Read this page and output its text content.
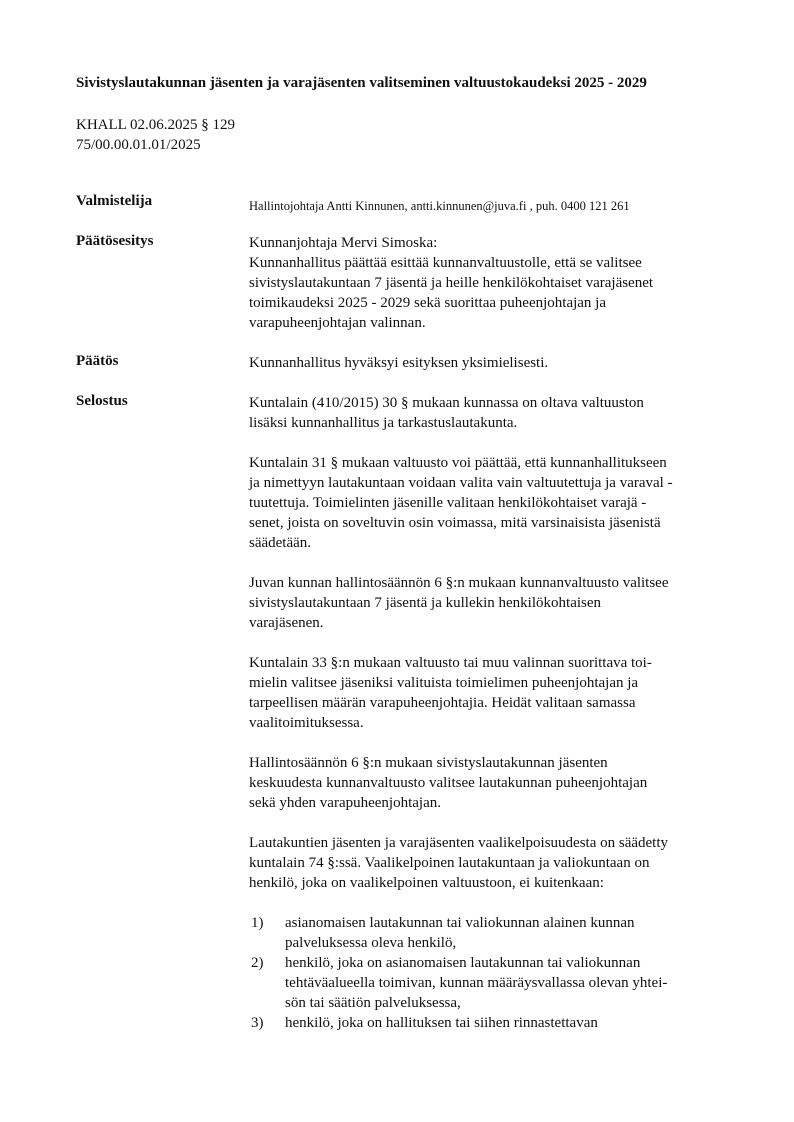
Sivistyslautakunnan jäsenten ja varajäsenten valitseminen valtuustokaudeksi 2025 - 2029
KHALL 02.06.2025 § 129
75/00.00.01.01/2025
Valmistelija	Hallintojohtaja Antti Kinnunen, antti.kinnunen@juva.fi , puh. 0400 121 261
Päätösesitys	Kunnanjohtaja Mervi Simoska:
Kunnanhallitus päättää esittää kunnanvaltuustolle, että se valitsee
sivistyslautakuntaan 7 jäsentä ja heille henkilökohtaiset varajäsenet
toimikaudeksi 2025 - 2029 sekä suorittaa puheenjohtajan ja
varapuheenjohtajan valinnan.
Päätös	Kunnanhallitus hyväksyi esityksen yksimielisesti.
Selostus	Kuntalain (410/2015) 30 § mukaan kunnassa on oltava valtuuston
lisäksi kunnanhallitus ja tarkastuslautakunta.

Kuntalain 31 § mukaan valtuusto voi päättää, että kunnanhallitukseen
ja nimettyyn lautakuntaan voidaan valita vain valtuutettuja ja varaval -
tuutettuja. Toimielinten jäsenille valitaan henkilökohtaiset varajä -
senet, joista on soveltuvin osin voimassa, mitä varsinaisista jäsenistä
säädetään.

Juvan kunnan hallintosäännön 6 §:n mukaan kunnanvaltuusto valitsee
sivistyslautakuntaan 7 jäsentä ja kullekin henkilökohtaisen
varajäsenen.

Kuntalain 33 §:n mukaan valtuusto tai muu valinnan suorittava toi-
mielin valitsee jäseniksi valituista toimielimen puheenjohtajan ja
tarpeellisen määrän varapuheenjohtajia. Heidät valitaan samassa
vaalitoimituksessa.

Hallintosäännön 6 §:n mukaan sivistyslautakunnan jäsenten
keskuudesta kunnanvaltuusto valitsee lautakunnan puheenjohtajan
sekä yhden varapuheenjohtajan.

Lautakuntien jäsenten ja varajäsenten vaalikelpoisuudesta on säädetty
kuntalain 74 §:ssä. Vaalikelpoinen lautakuntaan ja valiokuntaan on
henkilö, joka on vaalikelpoinen valtuustoon, ei kuitenkaan:

1) asianomaisen lautakunnan tai valiokunnan alainen kunnan
palveluksessa oleva henkilö,
2) henkilö, joka on asianomaisen lautakunnan tai valiokunnan
tehtäväalueella toimivan, kunnan määräysvallassa olevan yhtei-
sön tai säätiön palveluksessa,
3) henkilö, joka on hallituksen tai siihen rinnastettavan
